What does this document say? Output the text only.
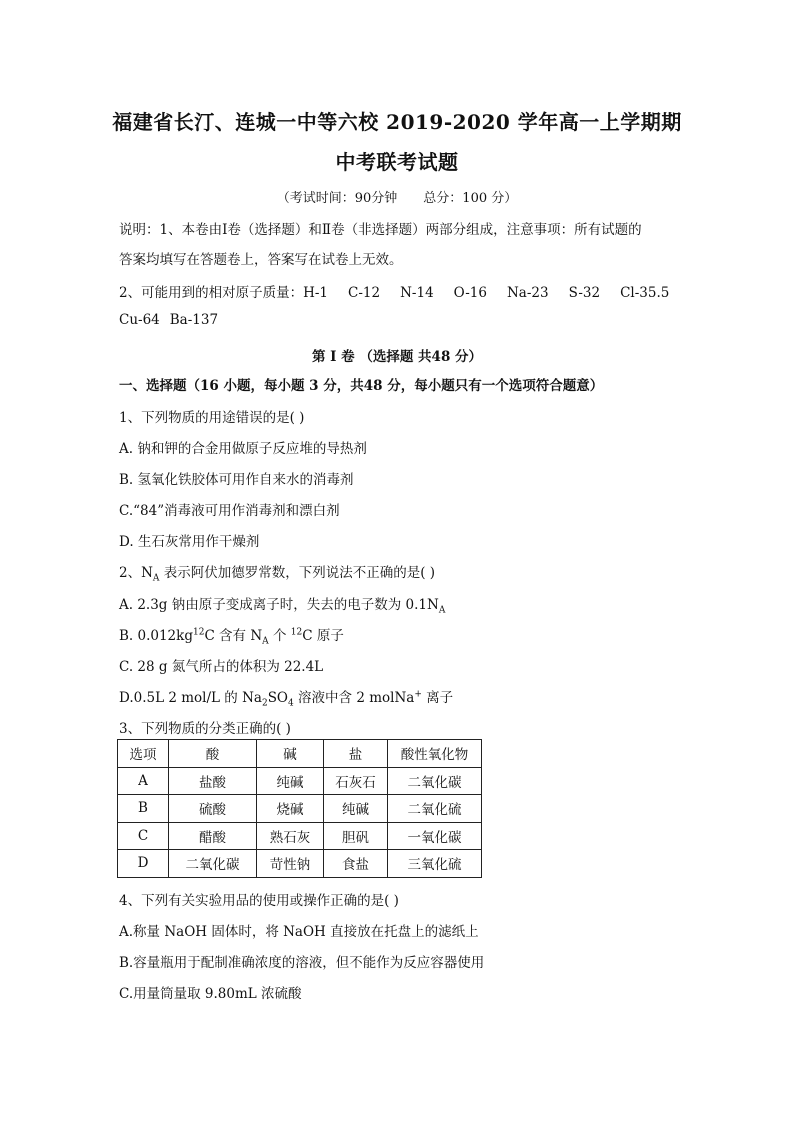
福建省长汀、连城一中等六校 2019-2020 学年高一上学期期
中考联考试题
（考试时间：90分钟 总分：100 分）
说明：1、本卷由Ⅰ卷（选择题）和Ⅱ卷（非选择题）两部分组成，注意事项：所有试题的
答案均填写在答题卷上，答案写在试卷上无效。
2、可能用到的相对原子质量：H-1 C-12 N-14 O-16 Na-23 S-32 Cl-35.5
Cu-64 Ba-137
第 Ⅰ 卷 （选择题 共48 分）
一、选择题（16 小题，每小题 3 分，共48 分，每小题只有一个选项符合题意）
1、下列物质的用途错误的是( )
A. 钠和钾的合金用做原子反应堆的导热剂
B. 氢氧化铁胶体可用作自来水的消毒剂
C.“84”消毒液可用作消毒剂和漂白剂
D. 生石灰常用作干燥剂
2、$N_A$ 表示阿伏加德罗常数，下列说法不正确的是( )
A. 2.3g 钠由原子变成离子时，失去的电子数为 $0.1N_A$
B. $0.012kg^{12}C$ 含有 $N_A$ 个 $^{12}$C 原子
C. 28 g 氮气所占的体积为 22.4L
D.0.5L 2 mol/L 的 $Na_2SO_4$ 溶液中含 2 molNa+ 离子
3、下列物质的分类正确的( )
选项	酸	碱	盐	酸性氧化物
A	盐酸	纯碱	石灰石	二氧化碳
B	硫酸	烧碱	纯碱	二氧化硫
C	醋酸	熟石灰	胆矾	一氧化碳
D	二氧化碳	苛性钠	食盐	三氧化硫
4、下列有关实验用品的使用或操作正确的是( )
A.称量 NaOH 固体时，将 NaOH 直接放在托盘上的滤纸上
B.容量瓶用于配制准确浓度的溶液，但不能作为反应容器使用
C.用量筒量取 9.80mL 浓硫酸
